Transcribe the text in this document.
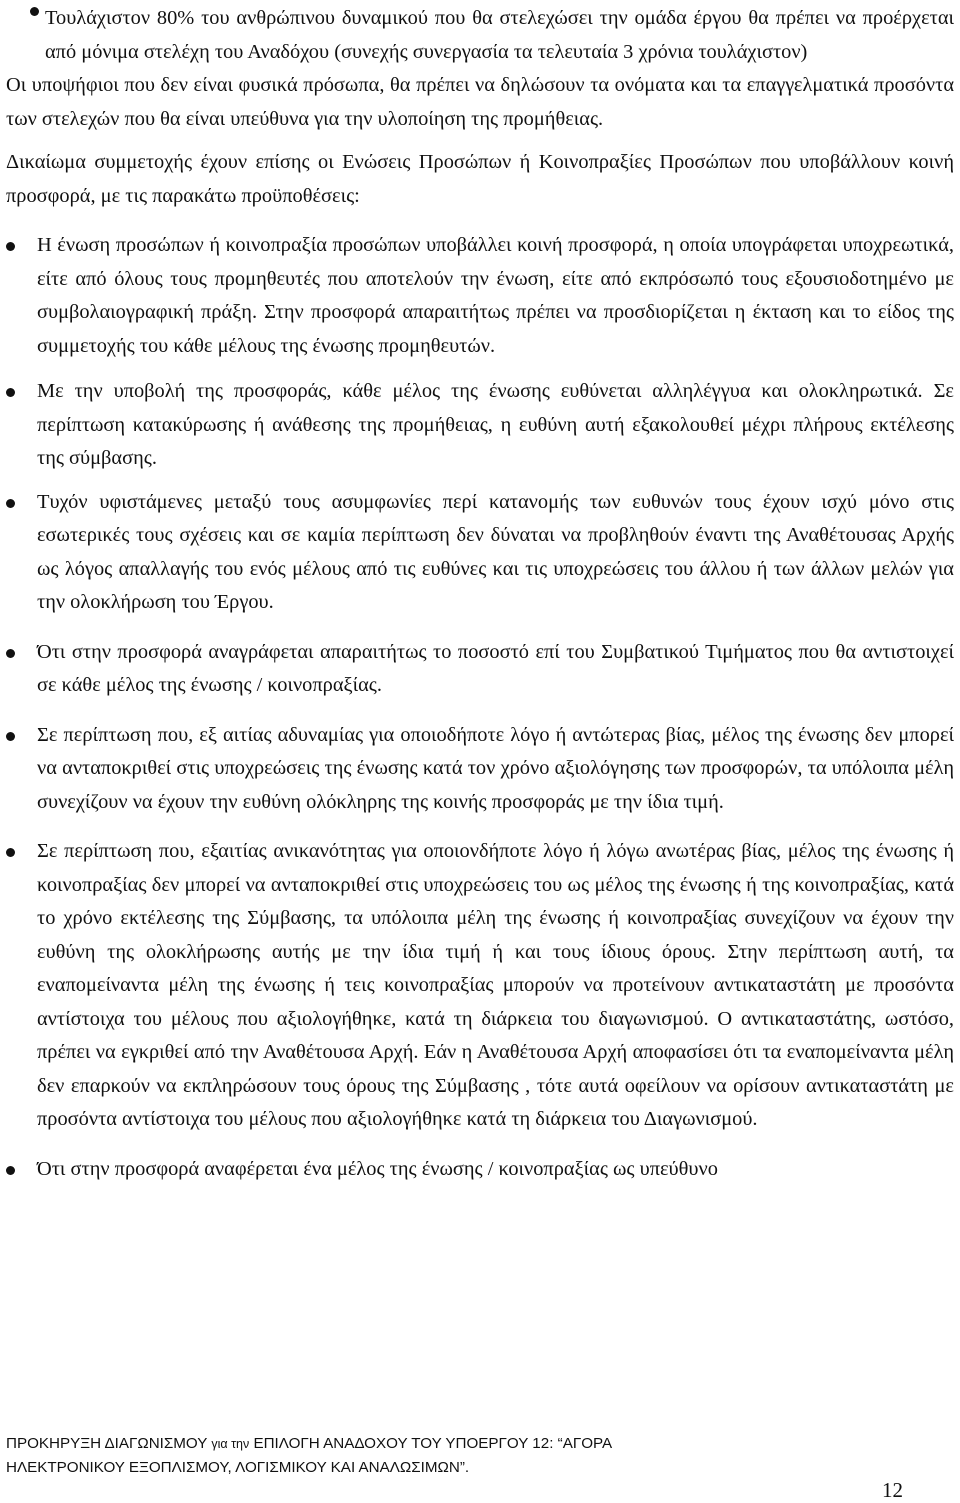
Τουλάχιστον 80% του ανθρώπινου δυναμικού που θα στελεχώσει την ομάδα έργου θα πρέπει να προέρχεται από μόνιμα στελέχη του Αναδόχου (συνεχής συνεργασία τα τελευταία 3 χρόνια τουλάχιστον)

Οι υποψήφιοι που δεν είναι φυσικά πρόσωπα, θα πρέπει να δηλώσουν τα ονόματα και τα επαγγελματικά προσόντα των στελεχών που θα είναι υπεύθυνα για την υλοποίηση της προμήθειας.

Δικαίωμα συμμετοχής έχουν επίσης οι Ενώσεις Προσώπων ή Κοινοπραξίες Προσώπων που υποβάλλουν κοινή προσφορά, με τις παρακάτω προϋποθέσεις:

Η ένωση προσώπων ή κοινοπραξία προσώπων υποβάλλει κοινή προσφορά, η οποία υπογράφεται υποχρεωτικά, είτε από όλους τους προμηθευτές που αποτελούν την ένωση, είτε από εκπρόσωπό τους εξουσιοδοτημένο με συμβολαιογραφική πράξη. Στην προσφορά απαραιτήτως πρέπει να προσδιορίζεται η έκταση και το είδος της συμμετοχής του κάθε μέλους της ένωσης προμηθευτών.

Με την υποβολή της προσφοράς, κάθε μέλος της ένωσης ευθύνεται αλληλέγγυα και ολοκληρωτικά. Σε περίπτωση κατακύρωσης ή ανάθεσης της προμήθειας, η ευθύνη αυτή εξακολουθεί μέχρι πλήρους εκτέλεσης της σύμβασης.

Τυχόν υφιστάμενες μεταξύ τους ασυμφωνίες περί κατανομής των ευθυνών τους έχουν ισχύ μόνο στις εσωτερικές τους σχέσεις και σε καμία περίπτωση δεν δύναται να προβληθούν έναντι της Αναθέτουσας Αρχής ως λόγος απαλλαγής του ενός μέλους από τις ευθύνες και τις υποχρεώσεις του άλλου ή των άλλων μελών για την ολοκλήρωση του Έργου.

Ότι στην προσφορά αναγράφεται απαραιτήτως το ποσοστό επί του Συμβατικού Τιμήματος που θα αντιστοιχεί σε κάθε μέλος της ένωσης / κοινοπραξίας.

Σε περίπτωση που, εξ αιτίας αδυναμίας για οποιοδήποτε λόγο ή αντώτερας βίας, μέλος της ένωσης δεν μπορεί να ανταποκριθεί στις υποχρεώσεις της ένωσης κατά τον χρόνο αξιολόγησης των προσφορών, τα υπόλοιπα μέλη συνεχίζουν να έχουν την ευθύνη ολόκληρης της κοινής προσφοράς με την ίδια τιμή.

Σε περίπτωση που, εξαιτίας ανικανότητας για οποιονδήποτε λόγο ή λόγω ανωτέρας βίας, μέλος της ένωσης ή κοινοπραξίας δεν μπορεί να ανταποκριθεί στις υποχρεώσεις του ως μέλος της ένωσης ή της κοινοπραξίας, κατά το χρόνο εκτέλεσης της Σύμβασης, τα υπόλοιπα μέλη της ένωσης ή κοινοπραξίας συνεχίζουν να έχουν την ευθύνη της ολοκλήρωσης αυτής με την ίδια τιμή ή και τους ίδιους όρους. Στην περίπτωση αυτή, τα εναπομείναντα μέλη της ένωσης ή τεις κοινοπραξίας μπορούν να προτείνουν αντικαταστάτη με προσόντα αντίστοιχα του μέλους που αξιολογήθηκε, κατά τη διάρκεια του διαγωνισμού. Ο αντικαταστάτης, ωστόσο, πρέπει να εγκριθεί από την Αναθέτουσα Αρχή. Εάν η Αναθέτουσα Αρχή αποφασίσει ότι τα εναπομείναντα μέλη δεν επαρκούν να εκπληρώσουν τους όρους της Σύμβασης , τότε αυτά οφείλουν να ορίσουν αντικαταστάτη με προσόντα αντίστοιχα του μέλους που αξιολογήθηκε κατά τη διάρκεια του Διαγωνισμού.

Ότι στην προσφορά αναφέρεται ένα μέλος της ένωσης / κοινοπραξίας ως υπεύθυνο

ΠΡΟΚΗΡΥΞΗ ΔΙΑΓΩΝΙΣΜΟΥ για την ΕΠΙΛΟΓΗ ΑΝΑΔΟΧΟΥ ΤΟΥ ΥΠΟΕΡΓΟΥ 12: “ΑΓΟΡΑ
ΗΛΕΚΤΡΟΝΙΚΟΥ ΕΞΟΠΛΙΣΜΟΥ, ΛΟΓΙΣΜΙΚΟΥ ΚΑΙ ΑΝΑΛΩΣΙΜΩΝ”.
12
